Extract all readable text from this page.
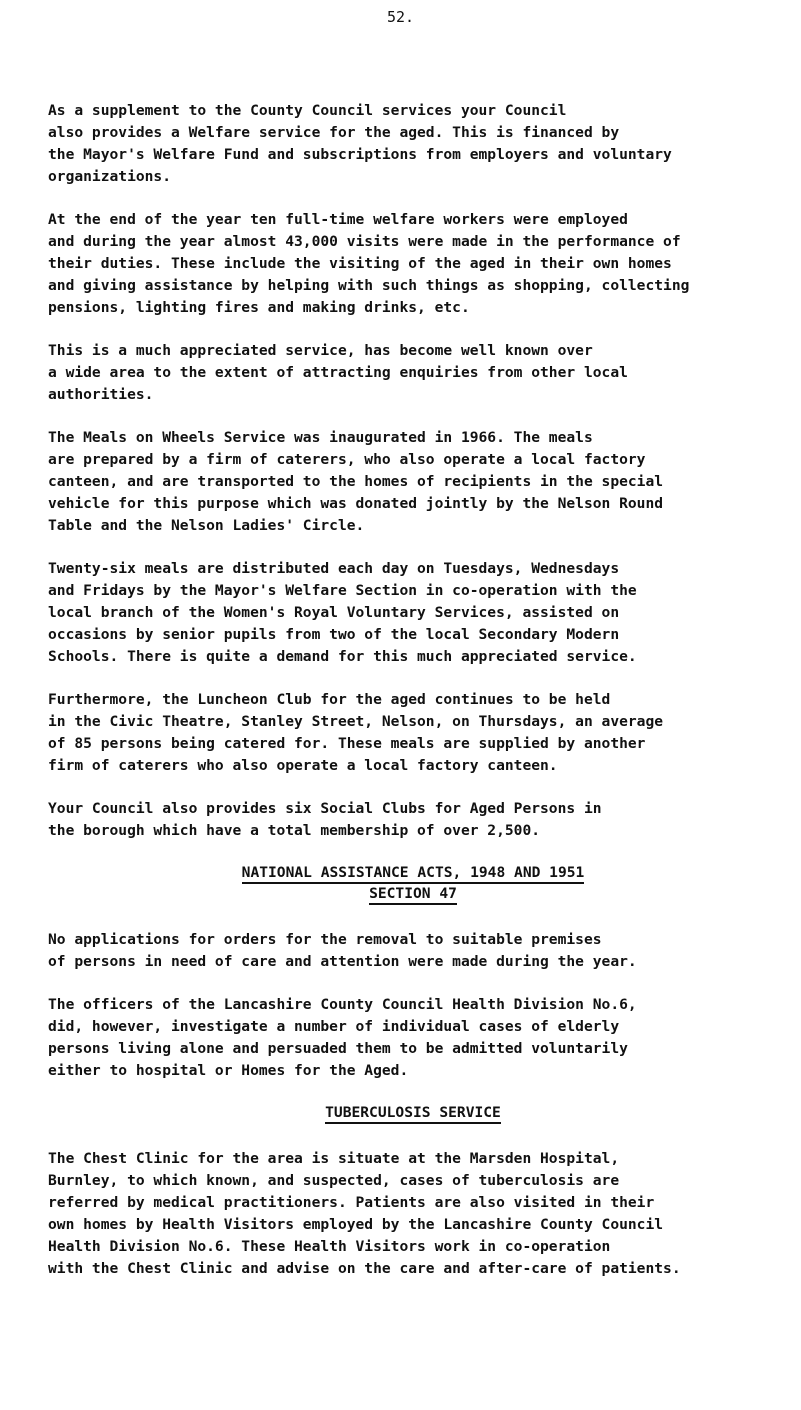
52.

As a supplement to the County Council services your Council
also provides a Welfare service for the aged. This is financed by
the Mayor's Welfare Fund and subscriptions from employers and voluntary
organizations.

At the end of the year ten full-time welfare workers were employed
and during the year almost 43,000 visits were made in the performance of
their duties. These include the visiting of the aged in their own homes
and giving assistance by helping with such things as shopping, collecting
pensions, lighting fires and making drinks, etc.

This is a much appreciated service, has become well known over
a wide area to the extent of attracting enquiries from other local
authorities.

The Meals on Wheels Service was inaugurated in 1966. The meals
are prepared by a firm of caterers, who also operate a local factory
canteen, and are transported to the homes of recipients in the special
vehicle for this purpose which was donated jointly by the Nelson Round
Table and the Nelson Ladies' Circle.

Twenty-six meals are distributed each day on Tuesdays, Wednesdays
and Fridays by the Mayor's Welfare Section in co-operation with the
local branch of the Women's Royal Voluntary Services, assisted on
occasions by senior pupils from two of the local Secondary Modern
Schools. There is quite a demand for this much appreciated service.

Furthermore, the Luncheon Club for the aged continues to be held
in the Civic Theatre, Stanley Street, Nelson, on Thursdays, an average
of 85 persons being catered for. These meals are supplied by another
firm of caterers who also operate a local factory canteen.

Your Council also provides six Social Clubs for Aged Persons in
the borough which have a total membership of over 2,500.

NATIONAL ASSISTANCE ACTS, 1948 AND 1951

SECTION 47

No applications for orders for the removal to suitable premises
of persons in need of care and attention were made during the year.

The officers of the Lancashire County Council Health Division No.6,
did, however, investigate a number of individual cases of elderly
persons living alone and persuaded them to be admitted voluntarily
either to hospital or Homes for the Aged.

TUBERCULOSIS SERVICE

The Chest Clinic for the area is situate at the Marsden Hospital,
Burnley, to which known, and suspected, cases of tuberculosis are
referred by medical practitioners. Patients are also visited in their
own homes by Health Visitors employed by the Lancashire County Council
Health Division No.6. These Health Visitors work in co-operation
with the Chest Clinic and advise on the care and after-care of patients.
